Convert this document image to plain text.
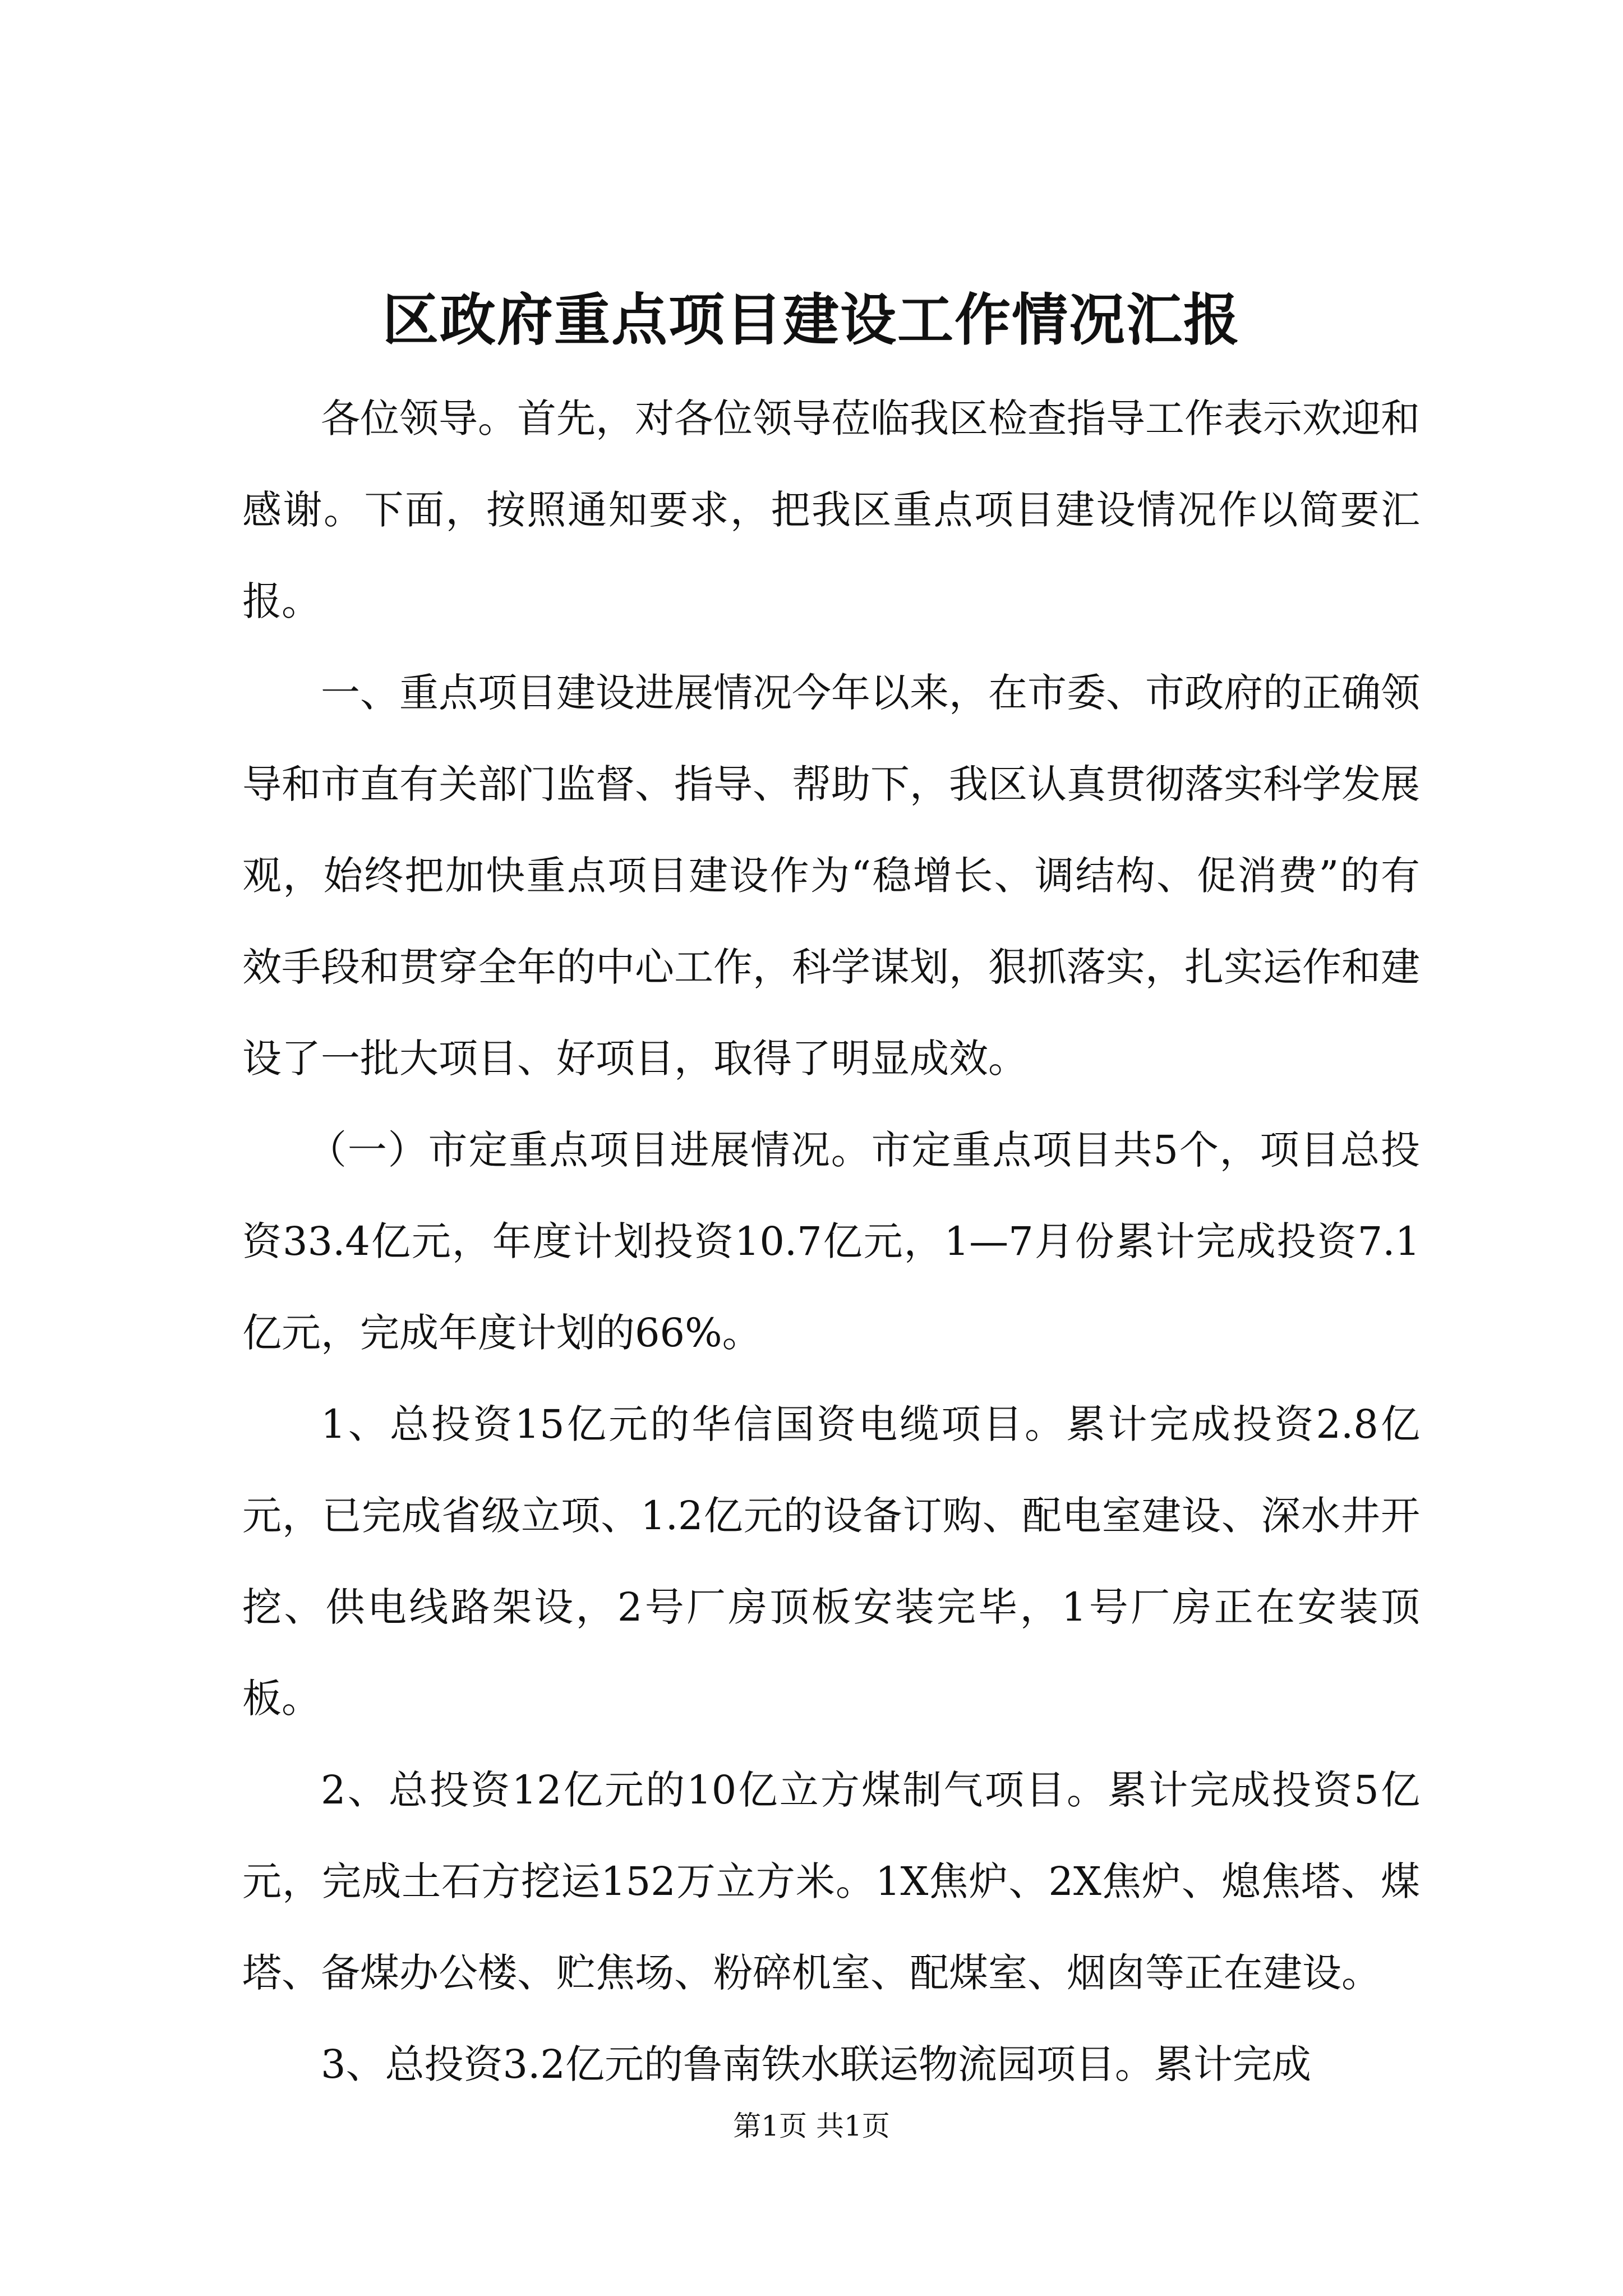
区政府重点项目建设工作情况汇报

各位领导。首先，对各位领导莅临我区检查指导工作表示欢迎和感谢。下面，按照通知要求，把我区重点项目建设情况作以简要汇报。

一、重点项目建设进展情况今年以来，在市委、市政府的正确领导和市直有关部门监督、指导、帮助下，我区认真贯彻落实科学发展观，始终把加快重点项目建设作为“稳增长、调结构、促消费”的有效手段和贯穿全年的中心工作，科学谋划，狠抓落实，扎实运作和建设了一批大项目、好项目，取得了明显成效。

（一）市定重点项目进展情况。市定重点项目共5个，项目总投资33.4亿元，年度计划投资10.7亿元，1—7月份累计完成投资7.1亿元，完成年度计划的66%。

1、总投资15亿元的华信国资电缆项目。累计完成投资2.8亿元，已完成省级立项、1.2亿元的设备订购、配电室建设、深水井开挖、供电线路架设，2号厂房顶板安装完毕，1号厂房正在安装顶板。

2、总投资12亿元的10亿立方煤制气项目。累计完成投资5亿元，完成土石方挖运152万立方米。1X焦炉、2X焦炉、熄焦塔、煤塔、备煤办公楼、贮焦场、粉碎机室、配煤室、烟囱等正在建设。

3、总投资3.2亿元的鲁南铁水联运物流园项目。累计完成

第1页 共1页
